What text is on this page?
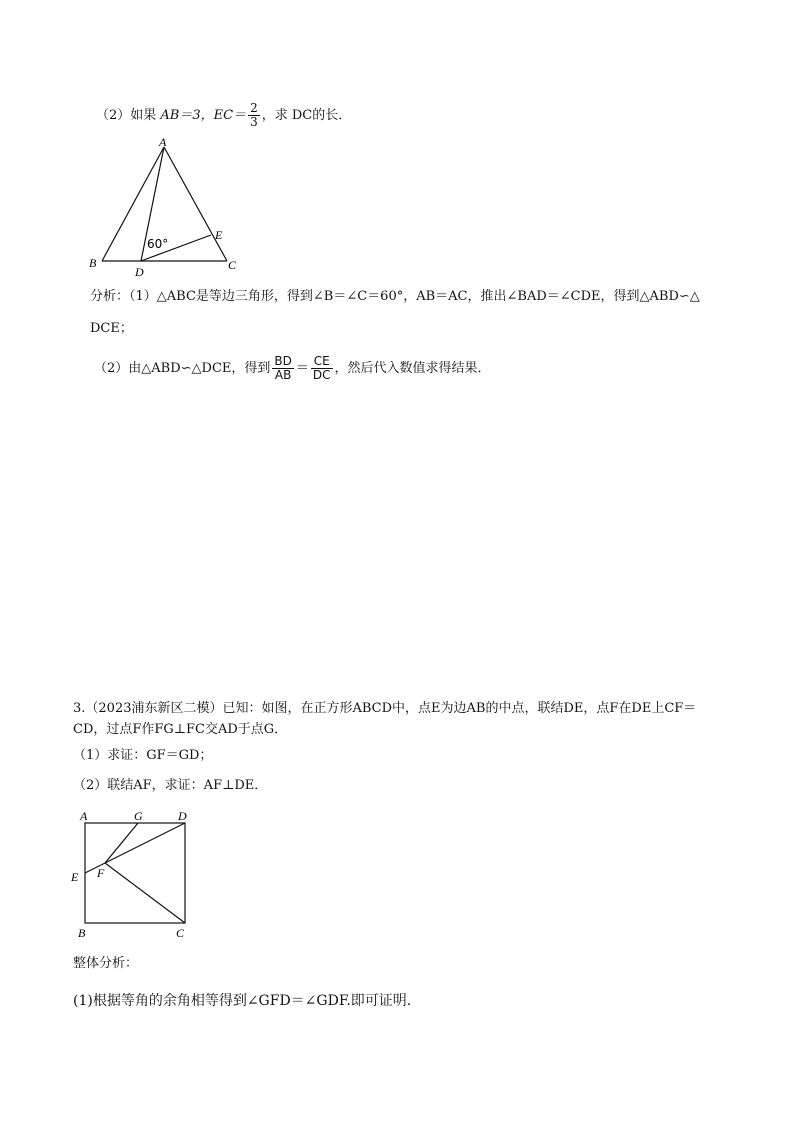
（2）如果 AB＝3，$EC= \frac{2}{3}$ ，求 DC的长．
A
B	C
D
E
60°
分析：（1）△ABC是等边三角形，得到∠B＝∠C＝60°，AB＝AC，推出∠BAD＝∠CDE，得到△ABD∽△
DCE；
（2）由△ABD∽△DCE，得到 $\frac{BD}{AB} = \frac{CE}{DC}$ ，然后代入数值求得结果．
3.（2023浦东新区二模）已知：如图，在正方形ABCD中，点E为边AB的中点，联结DE，点F在DE上CF＝
CD，过点F作FG⊥FC交AD于点G．
（1）求证：GF＝GD；
（2）联结AF，求证：AF⊥DE．
A	G	D
E F
B	C
整体分析：
(1)根据等角的余角相等得到∠GFD＝∠GDF.即可证明.
